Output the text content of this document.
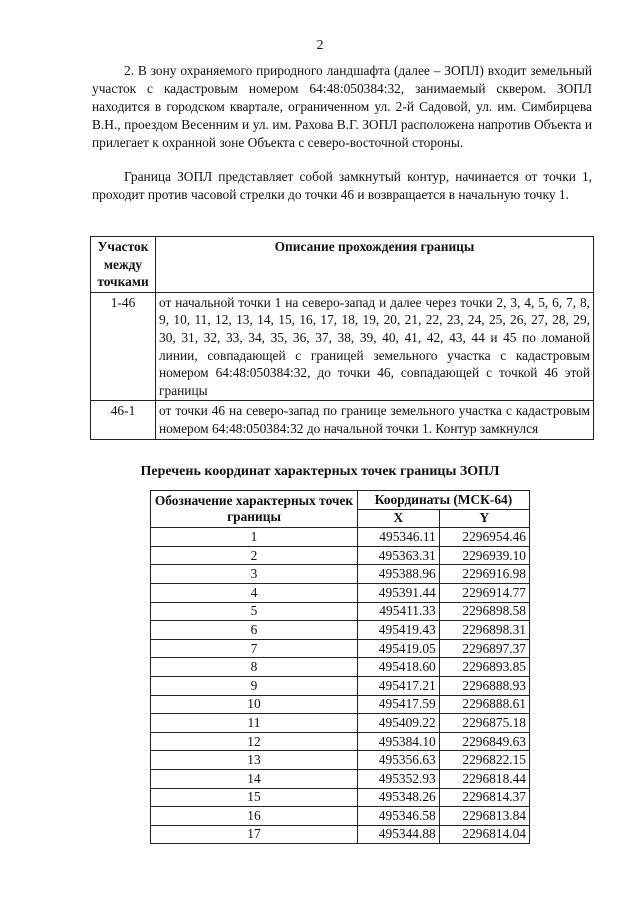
2

2. В зону охраняемого природного ландшафта (далее – ЗОПЛ) входит земельный участок с кадастровым номером 64:48:050384:32, занимаемый сквером. ЗОПЛ находится в городском квартале, ограниченном ул. 2-й Садовой, ул. им. Симбирцева В.Н., проездом Весенним и ул. им. Рахова В.Г. ЗОПЛ расположена напротив Объекта и прилегает к охранной зоне Объекта с северо-восточной стороны.

Граница ЗОПЛ представляет собой замкнутый контур, начинается от точки 1, проходит против часовой стрелки до точки 46 и возвращается в начальную точку 1.

Участок между точками	Описание прохождения границы
1-46	от начальной точки 1 на северо-запад и далее через точки 2, 3, 4, 5, 6, 7, 8, 9, 10, 11, 12, 13, 14, 15, 16, 17, 18, 19, 20, 21, 22, 23, 24, 25, 26, 27, 28, 29, 30, 31, 32, 33, 34, 35, 36, 37, 38, 39, 40, 41, 42, 43, 44 и 45 по ломаной линии, совпадающей с границей земельного участка с кадастровым номером 64:48:050384:32, до точки 46, совпадающей с точкой 46 этой границы
46-1	от точки 46 на северо-запад по границе земельного участка с кадастровым номером 64:48:050384:32 до начальной точки 1. Контур замкнулся
Перечень координат характерных точек границы ЗОПЛ
Обозначение характерных точек границы	Координаты (МСК-64)	
	X	Y
1	495346.11	2296954.46
2	495363.31	2296939.10
3	495388.96	2296916.98
4	495391.44	2296914.77
5	495411.33	2296898.58
6	495419.43	2296898.31
7	495419.05	2296897.37
8	495418.60	2296893.85
9	495417.21	2296888.93
10	495417.59	2296888.61
11	495409.22	2296875.18
12	495384.10	2296849.63
13	495356.63	2296822.15
14	495352.93	2296818.44
15	495348.26	2296814.37
16	495346.58	2296813.84
17	495344.88	2296814.04
